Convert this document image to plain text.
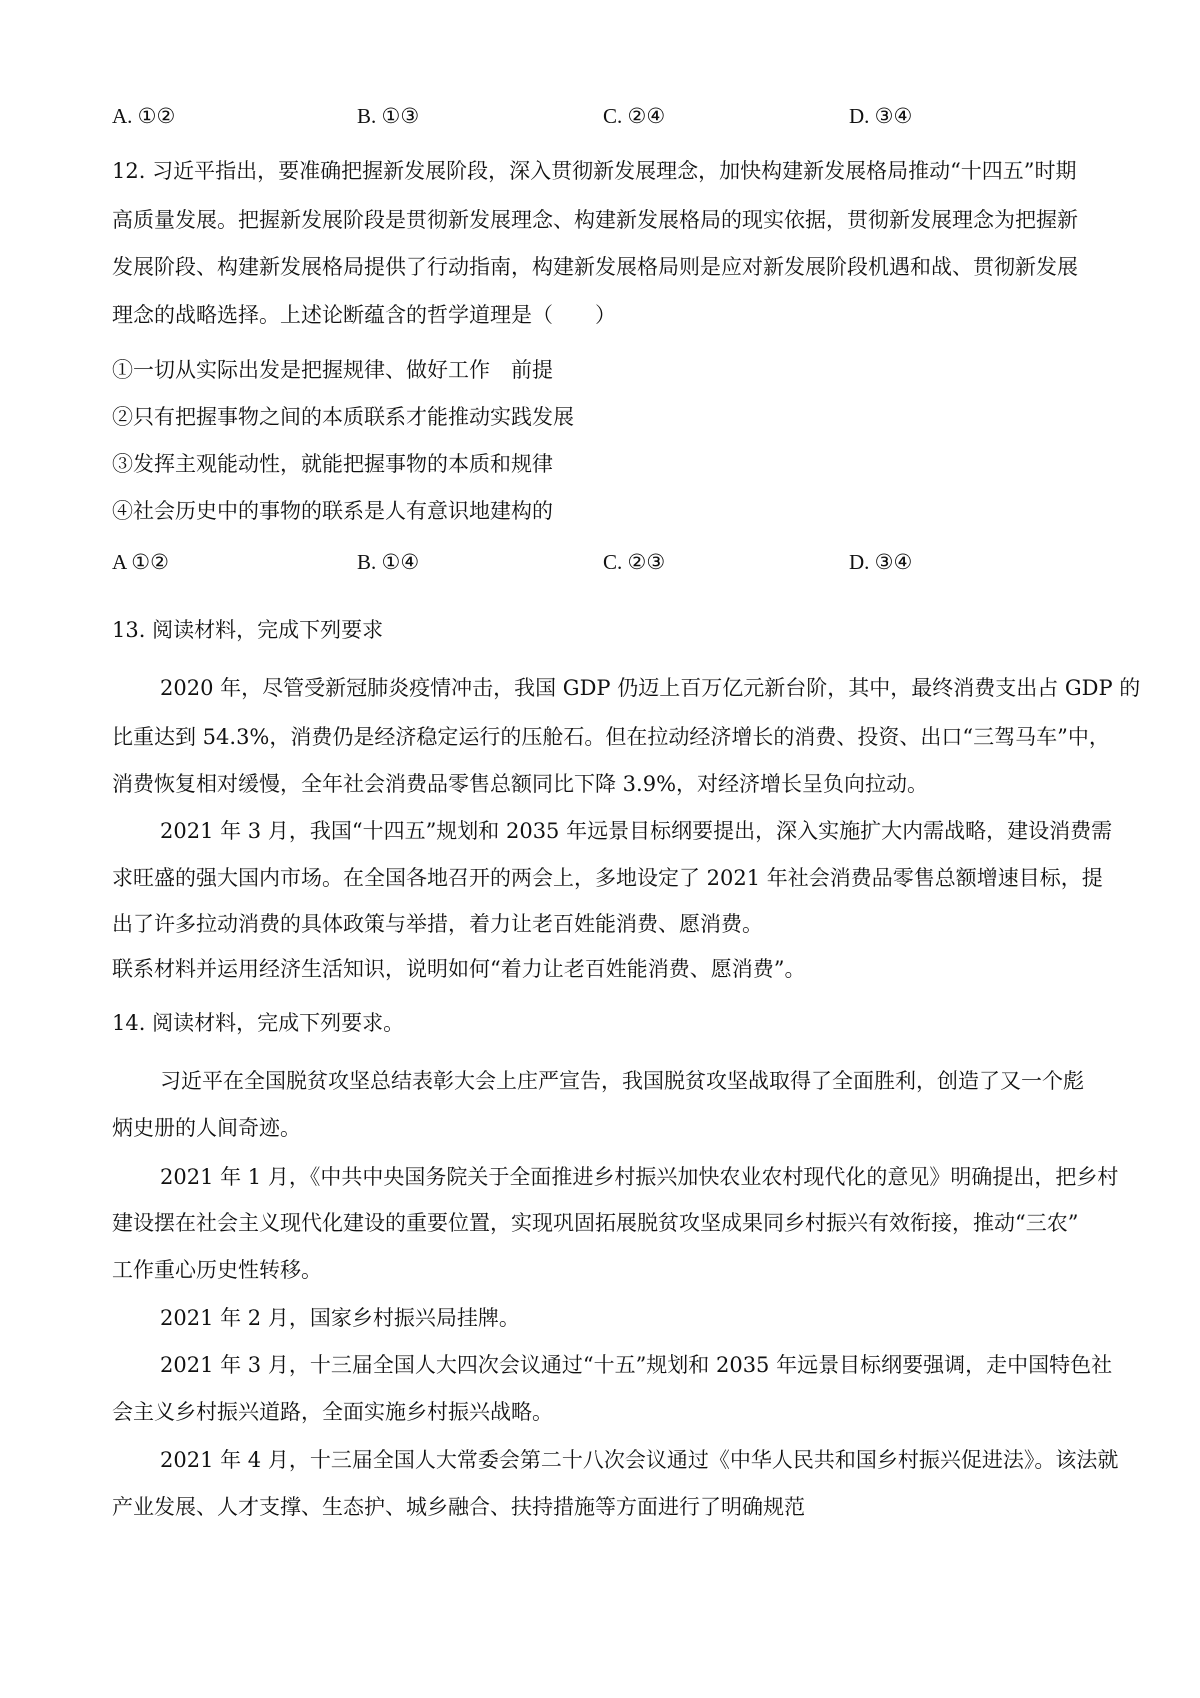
A. ①②	B. ①③	C. ②④	D. ③④
12. 习近平指出，要准确把握新发展阶段，深入贯彻新发展理念，加快构建新发展格局推动“十四五”时期
高质量发展。把握新发展阶段是贯彻新发展理念、构建新发展格局的现实依据，贯彻新发展理念为把握新
发展阶段、构建新发展格局提供了行动指南，构建新发展格局则是应对新发展阶段机遇和战、贯彻新发展
理念的战略选择。上述论断蕴含的哲学道理是（　　）
①一切从实际出发是把握规律、做好工作　前提
②只有把握事物之间的本质联系才能推动实践发展
③发挥主观能动性，就能把握事物的本质和规律
④社会历史中的事物的联系是人有意识地建构的
A ①②	B. ①④	C. ②③	D. ③④
13. 阅读材料，完成下列要求
2020 年，尽管受新冠肺炎疫情冲击，我国 GDP 仍迈上百万亿元新台阶，其中，最终消费支出占 GDP 的
比重达到 54.3%，消费仍是经济稳定运行的压舱石。但在拉动经济增长的消费、投资、出口“三驾马车”中，
消费恢复相对缓慢，全年社会消费品零售总额同比下降 3.9%，对经济增长呈负向拉动。
2021 年 3 月，我国“十四五”规划和 2035 年远景目标纲要提出，深入实施扩大内需战略，建设消费需
求旺盛的强大国内市场。在全国各地召开的两会上，多地设定了 2021 年社会消费品零售总额增速目标，提
出了许多拉动消费的具体政策与举措，着力让老百姓能消费、愿消费。
联系材料并运用经济生活知识，说明如何“着力让老百姓能消费、愿消费”。
14. 阅读材料，完成下列要求。
习近平在全国脱贫攻坚总结表彰大会上庄严宣告，我国脱贫攻坚战取得了全面胜利，创造了又一个彪
炳史册的人间奇迹。
2021 年 1 月，《中共中央国务院关于全面推进乡村振兴加快农业农村现代化的意见》明确提出，把乡村
建设摆在社会主义现代化建设的重要位置，实现巩固拓展脱贫攻坚成果同乡村振兴有效衔接，推动“三农”
工作重心历史性转移。
2021 年 2 月，国家乡村振兴局挂牌。
2021 年 3 月，十三届全国人大四次会议通过“十五”规划和 2035 年远景目标纲要强调，走中国特色社
会主义乡村振兴道路，全面实施乡村振兴战略。
2021 年 4 月，十三届全国人大常委会第二十八次会议通过《中华人民共和国乡村振兴促进法》。该法就
产业发展、人才支撑、生态护、城乡融合、扶持措施等方面进行了明确规范
